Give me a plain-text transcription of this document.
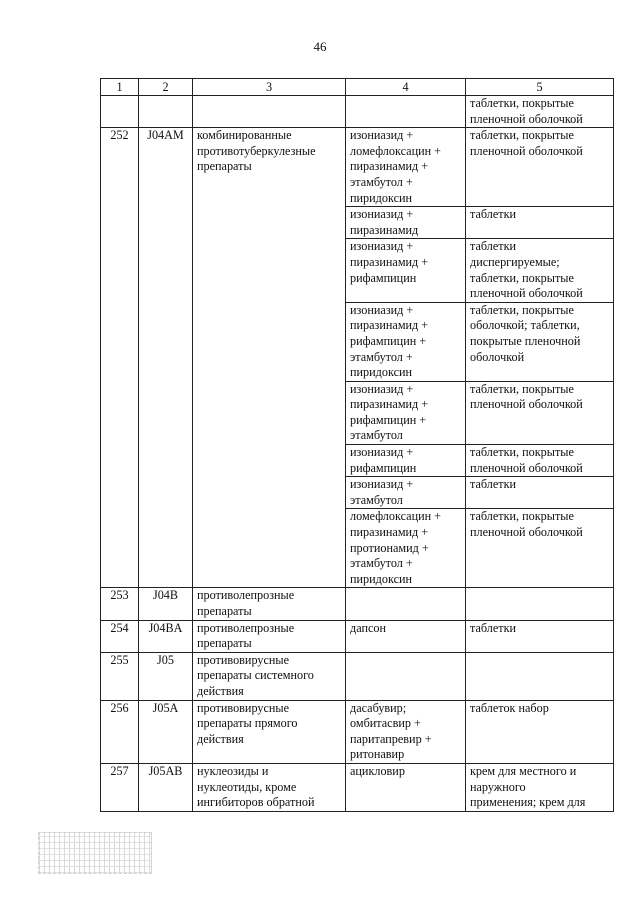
46
1	2	3	4	5
				таблетки, покрытые
пленочной оболочкой
252	J04AM	комбинированные
противотуберкулезные
препараты	изониазид +
ломефлоксацин +
пиразинамид +
этамбутол +
пиридоксин	таблетки, покрытые
пленочной оболочкой
			изониазид +
пиразинамид	таблетки
			изониазид +
пиразинамид +
рифампицин	таблетки
диспергируемые;
таблетки, покрытые
пленочной оболочкой
			изониазид +
пиразинамид +
рифампицин +
этамбутол +
пиридоксин	таблетки, покрытые
оболочкой; таблетки,
покрытые пленочной
оболочкой
			изониазид +
пиразинамид +
рифампицин +
этамбутол	таблетки, покрытые
пленочной оболочкой
			изониазид +
рифампицин	таблетки, покрытые
пленочной оболочкой
			изониазид +
этамбутол	таблетки
			ломефлоксацин +
пиразинамид +
протионамид +
этамбутол +
пиридоксин	таблетки, покрытые
пленочной оболочкой
253	J04B	противолепрозные
препараты		
254	J04BA	противолепрозные
препараты	дапсон	таблетки
255	J05	противовирусные
препараты системного
действия		
256	J05A	противовирусные
препараты прямого
действия	дасабувир;
омбитасвир +
паритапревир +
ритонавир	таблеток набор
257	J05AB	нуклеозиды и
нуклеотиды, кроме
ингибиторов обратной	ацикловир	крем для местного и
наружного
применения; крем для
